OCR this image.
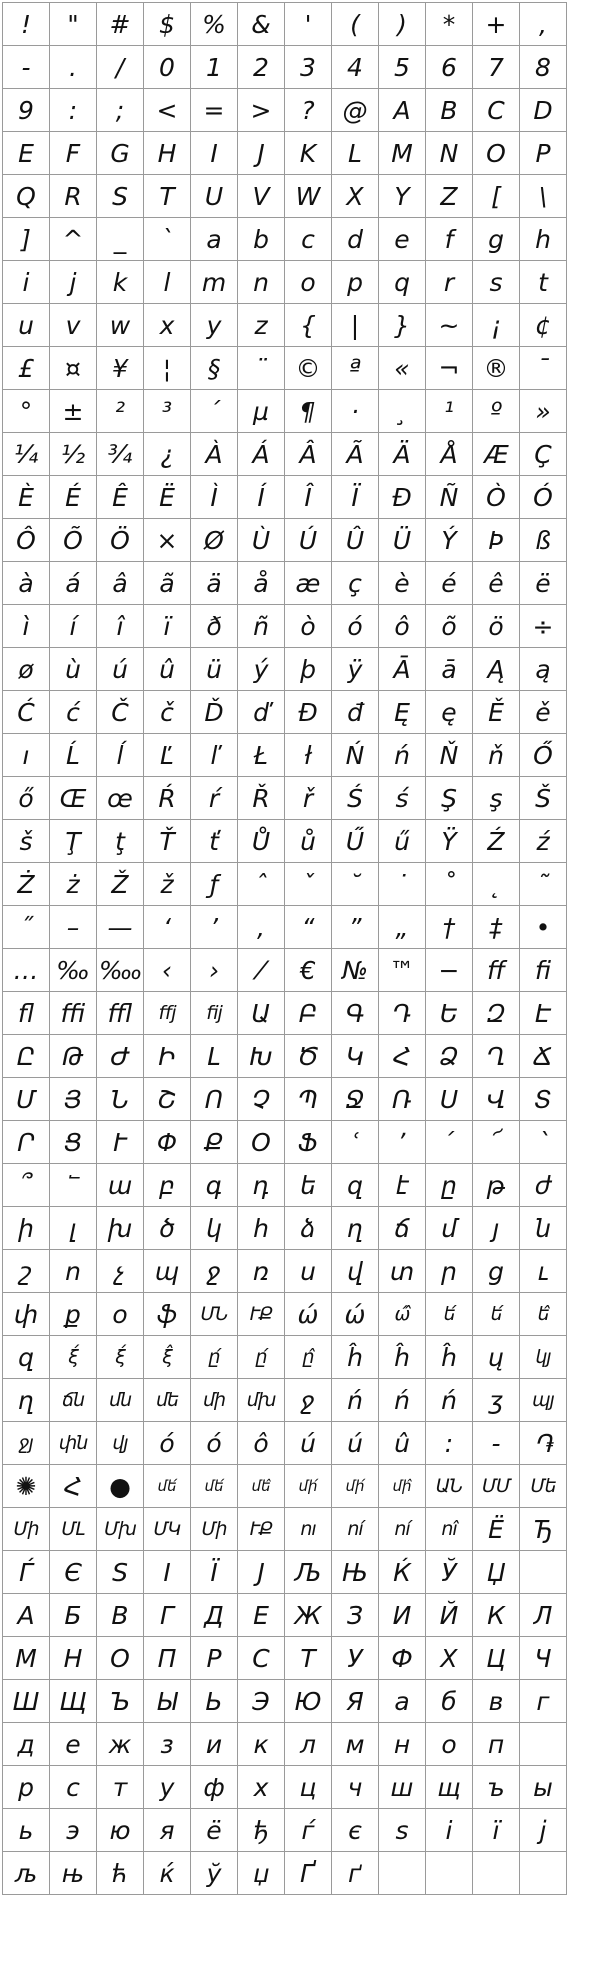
!	"	#	$	%	&	'	(	)	*	+	,
-	.	/	0	1	2	3	4	5	6	7	8
9	:	;	<	=	>	?	@	A	B	C	D
E	F	G	H	I	J	K	L	M	N	O	P
Q	R	S	T	U	V	W	X	Y	Z	[	\
]	^	_	`	a	b	c	d	e	f	g	h
i	j	k	l	m	n	o	p	q	r	s	t
u	v	w	x	y	z	{	|	}	~	¡	¢
£	¤	¥	¦	§	¨	©	ª	«	¬	®	¯
°	±	²	³	´	µ	¶	·	¸	¹	º	»
¼	½	¾	¿	À	Á	Â	Ã	Ä	Å	Æ	Ç
È	É	Ê	Ë	Ì	Í	Î	Ï	Ð	Ñ	Ò	Ó
Ô	Õ	Ö	×	Ø	Ù	Ú	Û	Ü	Ý	Þ	ß
à	á	â	ã	ä	å	æ	ç	è	é	ê	ë
ì	í	î	ï	ð	ñ	ò	ó	ô	õ	ö	÷
ø	ù	ú	û	ü	ý	þ	ÿ	Ā	ā	Ą	ą
Ć	ć	Č	č	Ď	ď	Đ	đ	Ę	ę	Ě	ě
ı	Ĺ	ĺ	Ľ	ľ	Ł	ł	Ń	ń	Ň	ň	Ő
ő	Œ	œ	Ŕ	ŕ	Ř	ř	Ś	ś	Ş	ş	Š
š	Ţ	ţ	Ť	ť	Ů	ů	Ű	ű	Ÿ	Ź	ź
Ż	ż	Ž	ž	ƒ	ˆ	ˇ	˘	˙	˚	˛	˜
˝	–	—	‘	’	‚	“	”	„	†	‡	•
…	‰	‱	‹	›	⁄	€	№	™	−	ﬀ	ﬁ
ﬂ	ﬃ	ﬄ	ﬀj	ﬁj	Ա	Բ	Գ	Դ	Ե	Զ	Է
Ը	Թ	Ժ	Ի	Լ	Խ	Ծ	Կ	Հ	Ձ	Ղ	Ճ
Մ	Յ	Ն	Շ	Ո	Չ	Պ	Ջ	Ռ	Ս	Վ	Տ
Ր	Ց	Ւ	Փ	Ք	Օ	Ֆ	ՙ	՚	՛	՜	՝
՞	՟	ա	բ	գ	դ	ե	զ	է	ը	թ	ժ
ի	լ	խ	ծ	կ	հ	ձ	ղ	ճ	մ	յ	ն
շ	ո	չ	պ	ջ	ռ	ս	վ	տ	ր	ց	ւ
փ	ք	օ	ֆ	ՄՆ	ՒՔ	ώ	ώ	ώ̂	ե́	ե́	ե̂
զ	ξ́	ξ́	ξ̂	ը́	ը́	ը̂	ĥ	ĥ	ĥ	ų	կյ
ղ	ճն	մն	մե	մի	մխ	ջ	ń	ń	ń	ʒ	պյ
ջյ	փն	վյ	ó	ó	ô	ú	ú	û	:	-	֏
✺	Հ	●	մե́	մե́	մե̂	մի́	մի́	մի̂	ԱՆ	ՄՄ	Մե
Մի	ՄԼ	Մխ	ՄԿ	Մի	ՒՔ	nı	ní	ní	nî	Ё	Ђ
Ѓ	Є	Ѕ	І	Ї	Ј	Љ	Њ	Ќ	Ў	Џ	
А	Б	В	Г	Д	Е	Ж	З	И	Й	К	Л
М	Н	О	П	Р	С	Т	У	Ф	Х	Ц	Ч
Ш	Щ	Ъ	Ы	Ь	Э	Ю	Я	а	б	в	г
д	е	ж	з	и	к	л	м	н	о	п	
р	с	т	у	ф	х	ц	ч	ш	щ	ъ	ы
ь	э	ю	я	ё	ђ	ѓ	є	ѕ	і	ї	ј
љ	њ	ћ	ќ	ў	џ	Ґ	ґ				
